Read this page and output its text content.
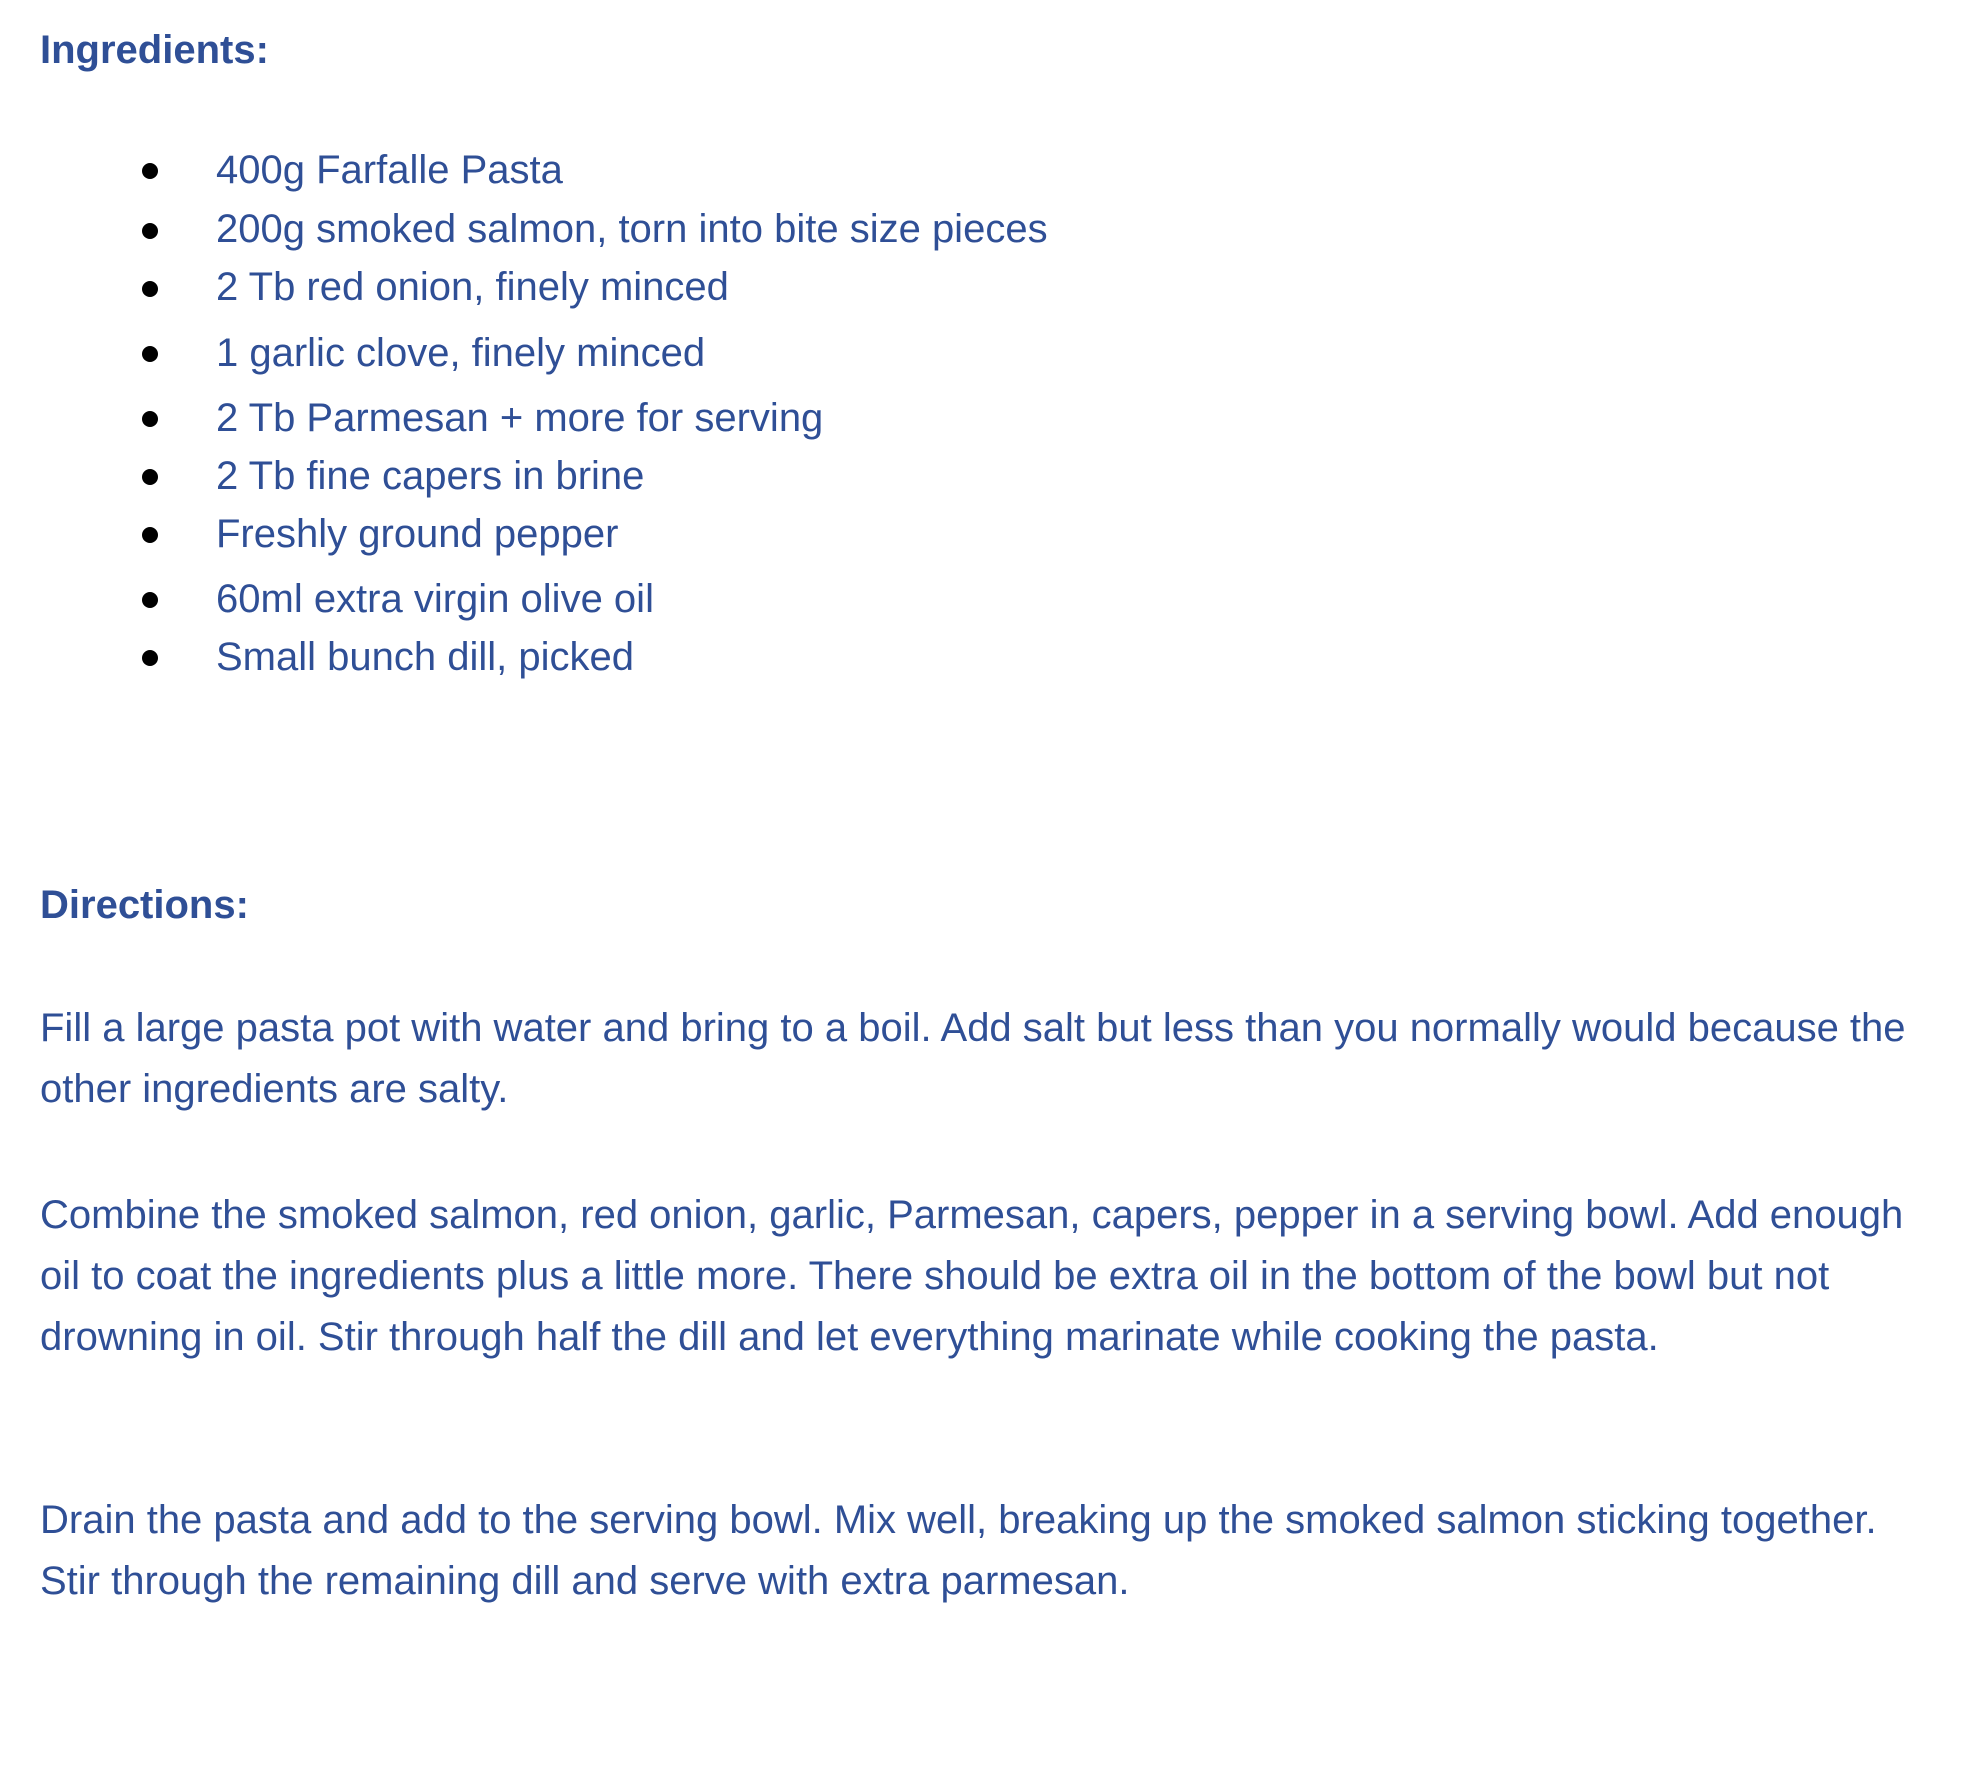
Ingredients:
400g Farfalle Pasta
200g smoked salmon, torn into bite size pieces
2 Tb red onion, finely minced
1 garlic clove, finely minced
2 Tb Parmesan + more for serving
2 Tb fine capers in brine
Freshly ground pepper
60ml extra virgin olive oil
Small bunch dill, picked
Directions:

Fill a large pasta pot with water and bring to a boil. Add salt but less than you normally would because the other ingredients are salty.

Combine the smoked salmon, red onion, garlic, Parmesan, capers, pepper in a serving bowl. Add enough oil to coat the ingredients plus a little more. There should be extra oil in the bottom of the bowl but not drowning in oil. Stir through half the dill and let everything marinate while cooking the pasta.

Drain the pasta and add to the serving bowl. Mix well, breaking up the smoked salmon sticking together. Stir through the remaining dill and serve with extra parmesan.
